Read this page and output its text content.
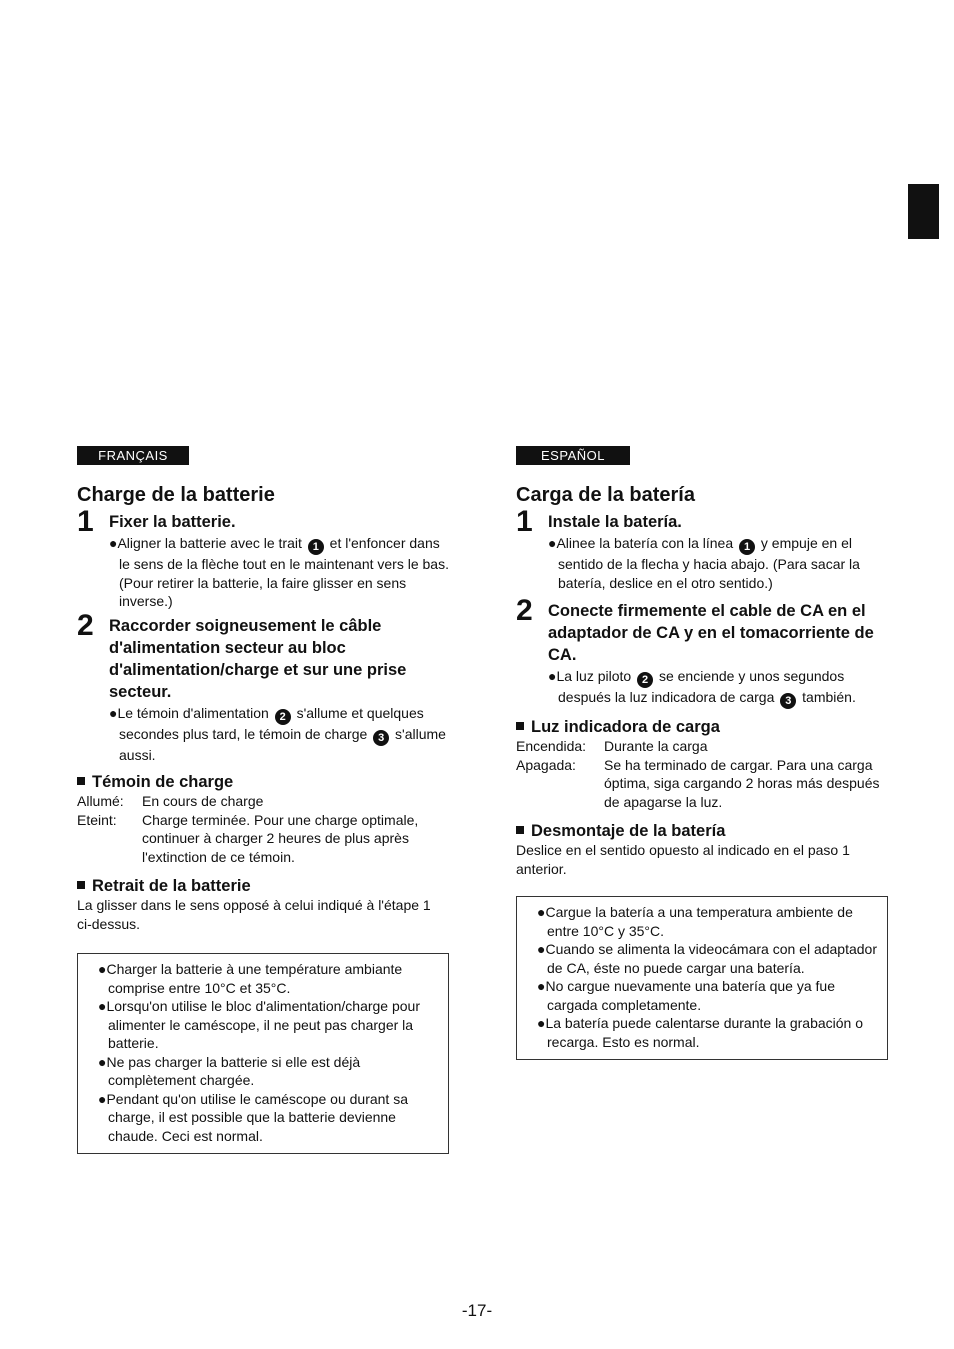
FRANÇAIS
Charge de la batterie
1 Fixer la batterie.
●Aligner la batterie avec le trait 1 et l'enfoncer dans le sens de la flèche tout en le maintenant vers le bas. (Pour retirer la batterie, la faire glisser en sens inverse.)
2 Raccorder soigneusement le câble d'alimentation secteur au bloc d'alimentation/charge et sur une prise secteur.
●Le témoin d'alimentation 2 s'allume et quelques secondes plus tard, le témoin de charge 3 s'allume aussi.
Témoin de charge
Allumé:	En cours de charge
Eteint:	Charge terminée. Pour une charge optimale, continuer à charger 2 heures de plus après l'extinction de ce témoin.
Retrait de la batterie
La glisser dans le sens opposé à celui indiqué à l'étape 1 ci-dessus.
●Charger la batterie à une température ambiante comprise entre 10°C et 35°C.
●Lorsqu'on utilise le bloc d'alimentation/charge pour alimenter le caméscope, il ne peut pas charger la batterie.
●Ne pas charger la batterie si elle est déjà complètement chargée.
●Pendant qu'on utilise le caméscope ou durant sa charge, il est possible que la batterie devienne chaude. Ceci est normal.
ESPAÑOL
Carga de la batería
1 Instale la batería.
●Alinee la batería con la línea 1 y empuje en el sentido de la flecha y hacia abajo. (Para sacar la batería, deslice en el otro sentido.)
2 Conecte firmemente el cable de CA en el adaptador de CA y en el tomacorriente de CA.
●La luz piloto 2 se enciende y unos segundos después la luz indicadora de carga 3 también.
Luz indicadora de carga
Encendida:	Durante la carga
Apagada:	Se ha terminado de cargar. Para una carga óptima, siga cargando 2 horas más después de apagarse la luz.
Desmontaje de la batería
Deslice en el sentido opuesto al indicado en el paso 1 anterior.
●Cargue la batería a una temperatura ambiente de entre 10°C y 35°C.
●Cuando se alimenta la videocámara con el adaptador de CA, éste no puede cargar una batería.
●No cargue nuevamente una batería que ya fue cargada completamente.
●La batería puede calentarse durante la grabación o recarga. Esto es normal.
-17-
